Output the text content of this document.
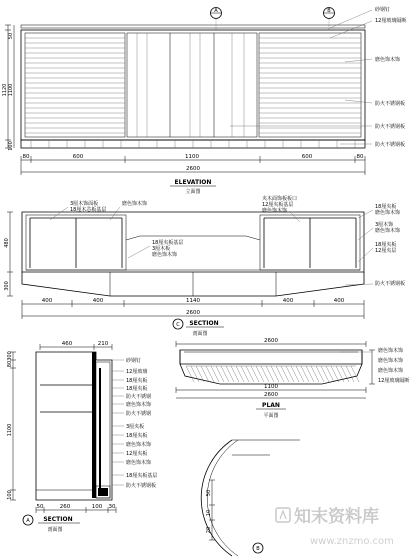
A	B
1120 1100
50
100
80	600	1100	600	80
2600
ELEVATION
立面图
砂钢钉
12厘玻璃隔断
磨色饰木饰
防火不锈钢板
防火不锈钢板
防火不锈钢板
480
300
400	400	1140	400	400
2600
C SECTION
剖面图
3厘木饰面板
18厘木芯板基层
磨色饰木饰
18厘夹板基层
3厘木板
磨色饰木饰
夹木面饰板板口
12厘夹板基层
磨色饰木饰
18厘夹板
磨色饰木饰
3厘木饰
磨色饰木饰
18厘夹板
12厘夹层
防火不锈钢板
460	210
300
80
1100
100
50	260	100 30
A SECTION
剖面图
砂钢钉
12厘玻璃
18厘夹板
18厘夹板
防火不锈钢
磨色饰木饰
防火不锈钢
3厘夹板
18厘夹板
磨色饰木饰
12厘夹板
磨色饰木饰
18厘夹板基层
防火不锈钢板
2600
1100
2600
PLAN
平面图
磨色饰木饰
磨色饰木饰
磨色饰木饰
12厘玻璃隔断
50
10
20
B
知末资料库
www.znzmo.com
